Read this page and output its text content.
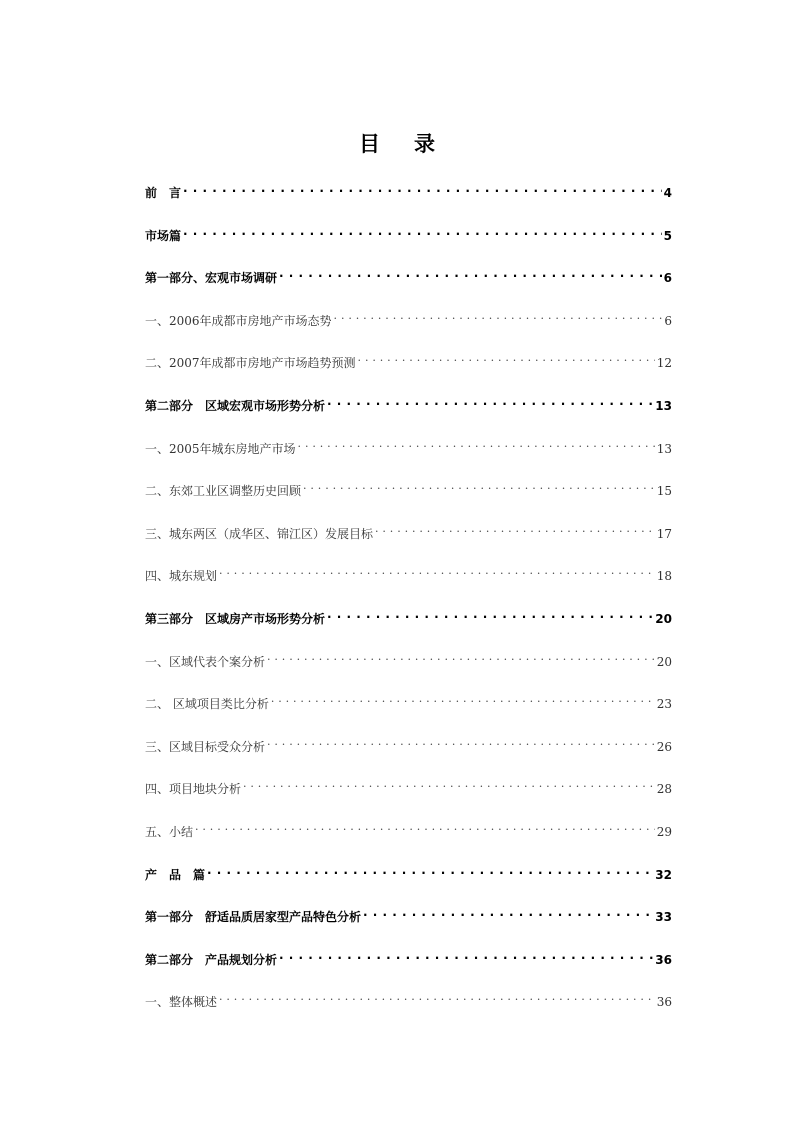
目 录
前　言 . . .	4
市场篇 . . .	5
第一部分、宏观市场调研 . . .	6
一、2006年成都市房地产市场态势 . . .	6
二、2007年成都市房地产市场趋势预测 . . .	12
第二部分　区域宏观市场形势分析 . . .	13
一、2005年城东房地产市场 . . .	13
二、东郊工业区调整历史回顾 . . .	15
三、城东两区（成华区、锦江区）发展目标 . . .	17
四、城东规划 . . .	18
第三部分　区域房产市场形势分析 . . .	20
一、区域代表个案分析 . . .	20
二、 区域项目类比分析 . . .	23
三、区域目标受众分析 . . .	26
四、项目地块分析 . . .	28
五、小结 . . .	29
产　品　篇 . . .	32
第一部分　舒适品质居家型产品特色分析 . . .	33
第二部分　产品规划分析 . . .	36
一、整体概述 . . .	36
